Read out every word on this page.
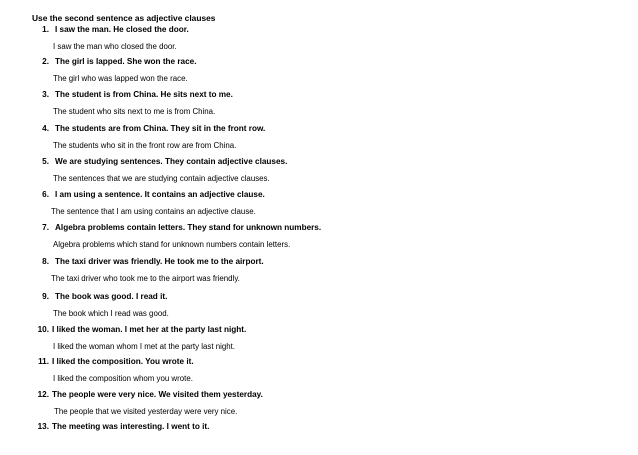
Use the second sentence as adjective clauses
1. I saw the man. He closed the door.
I saw the man who closed the door.
2. The girl is lapped. She won the race.
The girl who was lapped won the race.
3. The student is from China. He sits next to me.
The student who sits next to me is from China.
4. The students are from China. They sit in the front row.
The students who sit in the front row are from China.
5. We are studying sentences. They contain adjective clauses.
The sentences that we are studying contain adjective clauses.
6. I am using a sentence. It contains an adjective clause.
The sentence that I am using contains an adjective clause.
7. Algebra problems contain letters. They stand for unknown numbers.
Algebra problems which stand for unknown numbers contain letters.
8. The taxi driver was friendly. He took me to the airport.
The taxi driver who took me to the airport was friendly.
9. The book was good. I read it.
The book which I read was good.
10. I liked the woman. I met her at the party last night.
I liked the woman whom I met at the party last night.
11. I liked the composition. You wrote it.
I liked the composition whom you wrote.
12. The people were very nice. We visited them yesterday.
The people that we visited yesterday were very nice.
13. The meeting was interesting. I went to it.
